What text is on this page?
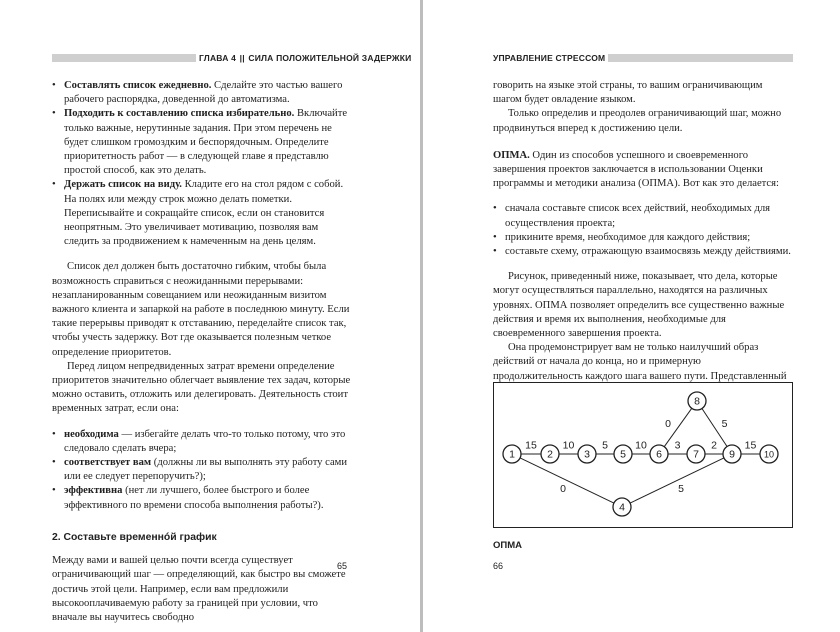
ГЛАВА 4 || СИЛА ПОЛОЖИТЕЛЬНОЙ ЗАДЕРЖКИ
• Составлять список ежедневно. Сделайте это частью вашего рабочего распорядка, доведенной до автоматизма.
• Подходить к составлению списка избирательно. Включайте только важные, нерутинные задания. При этом перечень не будет слишком громоздким и беспорядочным. Определите приоритетность работ — в следующей главе я представлю простой способ, как это делать.
• Держать список на виду. Кладите его на стол рядом с собой. На полях или между строк можно делать пометки. Переписывайте и сокращайте список, если он становится неопрятным. Это увеличивает мотивацию, позволяя вам следить за продвижением к намеченным на день целям.

Список дел должен быть достаточно гибким, чтобы была возможность справиться с неожиданными перерывами: незапланированным совещанием или неожиданным визитом важного клиента и запаркой на работе в последнюю минуту. Если такие перерывы приводят к отставанию, переделайте список так, чтобы учесть задержку. Вот где оказывается полезным четкое определение приоритетов.

Перед лицом непредвиденных затрат времени определение приоритетов значительно облегчает выявление тех задач, которые можно оставить, отложить или делегировать. Деятельность стоит временных затрат, если она:

• необходима — избегайте делать что-то только потому, что это следовало сделать вчера;
• соответствует вам (должны ли вы выполнять эту работу сами или ее следует перепоручить?);
• эффективна (нет ли лучшего, более быстрого и более эффективного по времени способа выполнения работы?).
2. Составьте временнóй график

Между вами и вашей целью почти всегда существует ограничивающий шаг — определяющий, как быстро вы сможете достичь этой цели. Например, если вам предложили высокооплачиваемую работу за границей при условии, что вначале вы научитесь свободно

65
УПРАВЛЕНИЕ СТРЕССОМ

говорить на языке этой страны, то вашим ограничивающим шагом будет овладение языком.

Только определив и преодолев ограничивающий шаг, можно продвинуться вперед к достижению цели.

ОПМА. Один из способов успешного и своевременного завершения проектов заключается в использовании Оценки программы и методики анализа (ОПМА). Вот как это делается:

• сначала составьте список всех действий, необходимых для осуществления проекта;
• прикините время, необходимое для каждого действия;
• составьте схему, отражающую взаимосвязь между действиями.

Рисунок, приведенный ниже, показывает, что дела, которые могут осуществляться параллельно, находятся на различных уровнях. ОПМА позволяет определить все существенно важные действия и время их выполнения, необходимые для своевременного завершения проекта.

Она продемонстрирует вам не только наилучший образ действий от начала до конца, но и примерную продолжительность каждого шага вашего пути. Представленный

15 10	5	10	3	2	15
0	5
0	5
1	2	3	5	6	7	9	10
8
4
ОПМА
66
